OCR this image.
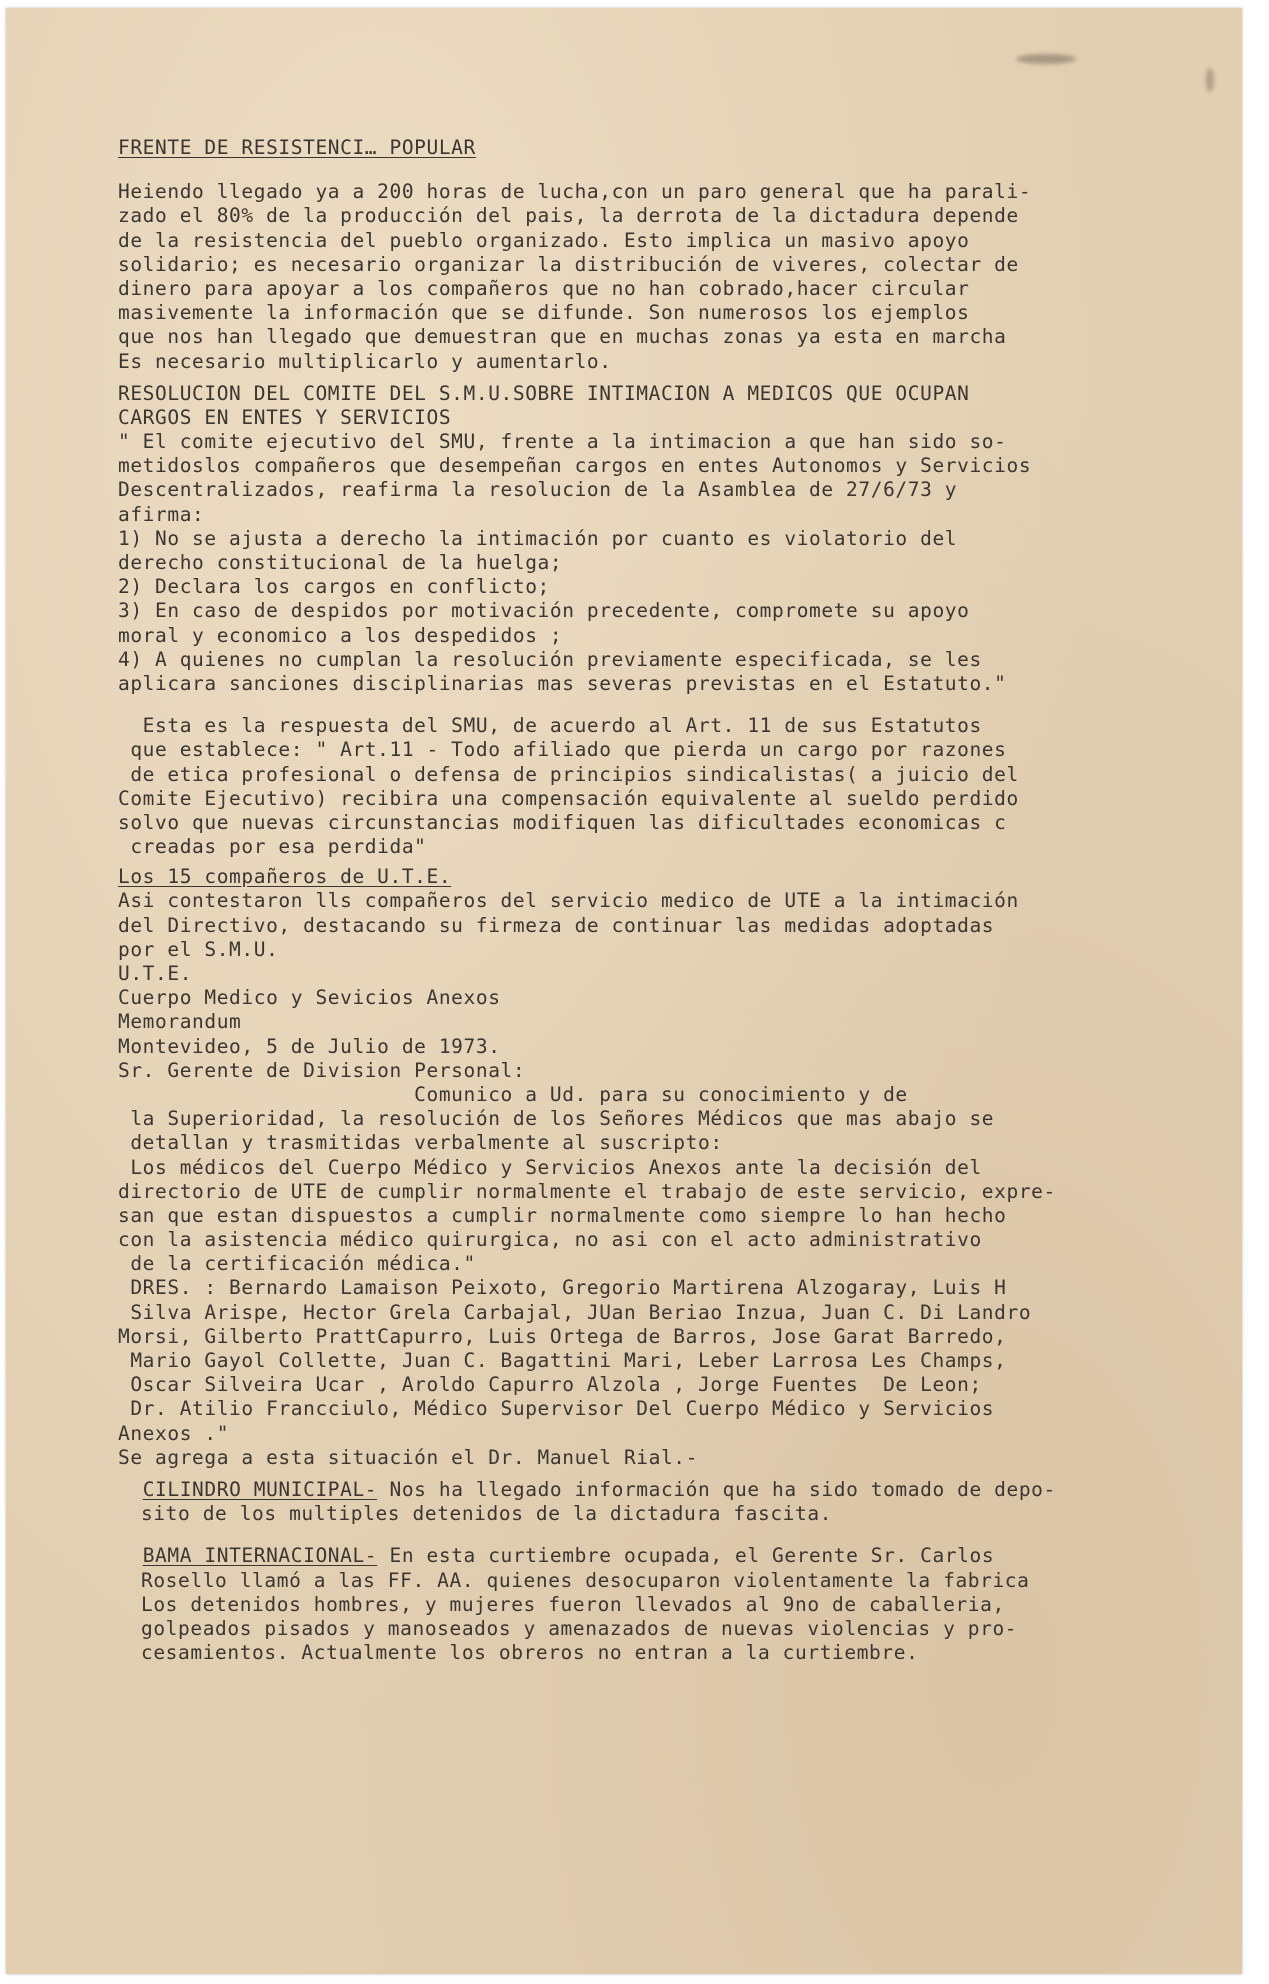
FRENTE DE RESISTENCI… POPULAR
Heiendo llegado ya a 200 horas de lucha,con un paro general que ha parali-
zado el 80% de la producción del pais, la derrota de la dictadura depende
de la resistencia del pueblo organizado. Esto implica un masivo apoyo
solidario; es necesario organizar la distribución de viveres, colectar de
dinero para apoyar a los compañeros que no han cobrado,hacer circular
masivemente la información que se difunde. Son numerosos los ejemplos
que nos han llegado que demuestran que en muchas zonas ya esta en marcha
Es necesario multiplicarlo y aumentarlo.
RESOLUCION DEL COMITE DEL S.M.U.SOBRE INTIMACION A MEDICOS QUE OCUPAN
CARGOS EN ENTES Y SERVICIOS
" El comite ejecutivo del SMU, frente a la intimacion a que han sido so-
metidoslos compañeros que desempeñan cargos en entes Autonomos y Servicios
Descentralizados, reafirma la resolucion de la Asamblea de 27/6/73 y
afirma:
1) No se ajusta a derecho la intimación por cuanto es violatorio del
derecho constitucional de la huelga;
2) Declara los cargos en conflicto;
3) En caso de despidos por motivación precedente, compromete su apoyo
moral y economico a los despedidos ;
4) A quienes no cumplan la resolución previamente especificada, se les
aplicara sanciones disciplinarias mas severas previstas en el Estatuto."
Esta es la respuesta del SMU, de acuerdo al Art. 11 de sus Estatutos
que establece: " Art.11 - Todo afiliado que pierda un cargo por razones
de etica profesional o defensa de principios sindicalistas( a juicio del
Comite Ejecutivo) recibira una compensación equivalente al sueldo perdido
solvo que nuevas circunstancias modifiquen las dificultades economicas c
creadas por esa perdida"
Los 15 compañeros de U.T.E.
Asi contestaron lls compañeros del servicio medico de UTE a la intimación
del Directivo, destacando su firmeza de continuar las medidas adoptadas
por el S.M.U.
U.T.E.
Cuerpo Medico y Sevicios Anexos
Memorandum
Montevideo, 5 de Julio de 1973.
Sr. Gerente de Division Personal:
Comunico a Ud. para su conocimiento y de
la Superioridad, la resolución de los Señores Médicos que mas abajo se
detallan y trasmitidas verbalmente al suscripto:
Los médicos del Cuerpo Médico y Servicios Anexos ante la decisión del
directorio de UTE de cumplir normalmente el trabajo de este servicio, expre-
san que estan dispuestos a cumplir normalmente como siempre lo han hecho
con la asistencia médico quirurgica, no asi con el acto administrativo
de la certificación médica."
DRES. : Bernardo Lamaison Peixoto, Gregorio Martirena Alzogaray, Luis H
Silva Arispe, Hector Grela Carbajal, JUan Beriao Inzua, Juan C. Di Landro
Morsi, Gilberto PrattCapurro, Luis Ortega de Barros, Jose Garat Barredo,
Mario Gayol Collette, Juan C. Bagattini Mari, Leber Larrosa Les Champs,
Oscar Silveira Ucar , Aroldo Capurro Alzola , Jorge Fuentes  De Leon;
Dr. Atilio Francciulo, Médico Supervisor Del Cuerpo Médico y Servicios
Anexos ."
Se agrega a esta situación el Dr. Manuel Rial.-
CILINDRO MUNICIPAL- Nos ha llegado información que ha sido tomado de depo-
sito de los multiples detenidos de la dictadura fascita.
BAMA INTERNACIONAL- En esta curtiembre ocupada, el Gerente Sr. Carlos
Rosello llamó a las FF. AA. quienes desocuparon violentamente la fabrica
Los detenidos hombres, y mujeres fueron llevados al 9no de caballeria,
golpeados pisados y manoseados y amenazados de nuevas violencias y pro-
cesamientos. Actualmente los obreros no entran a la curtiembre.
